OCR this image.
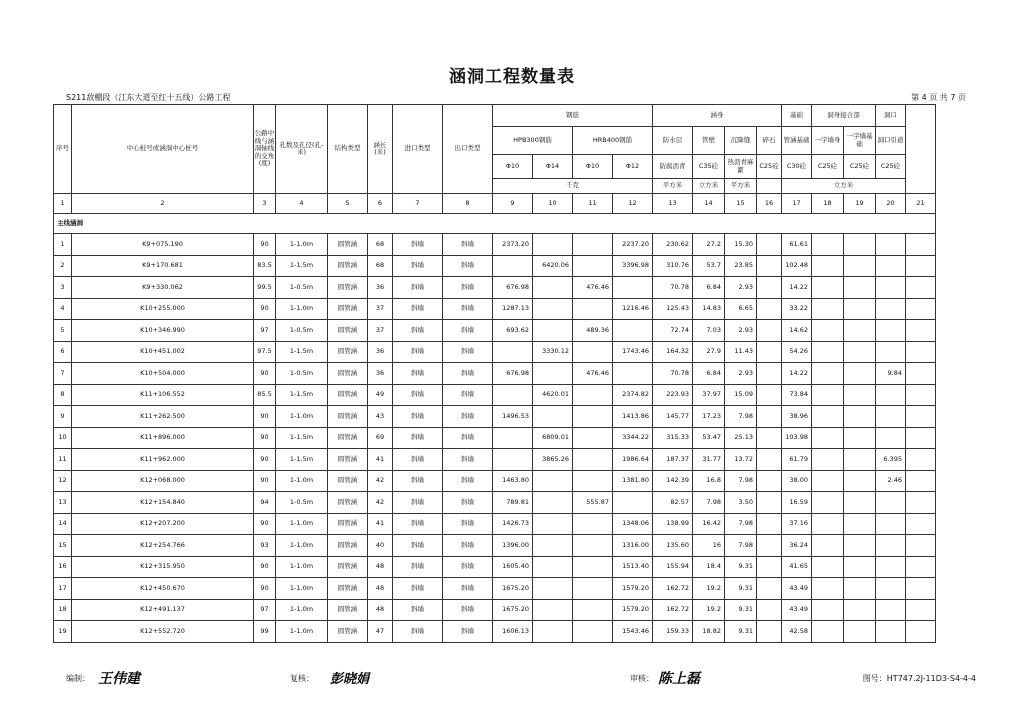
涵洞工程数量表
S211敌棚段（江东大道至红十五线）公路工程	第 4 页 共 7 页
序号	中心桩号或涵洞中心桩号	公路中线与涵洞轴线的交角(度)	孔数及孔径(孔-米)	结构类型	涵长(米)	进口类型	出口类型	钢筋				涵身				基础	洞身接合部		洞口	
								HPB300钢筋		HRB400钢筋		防水层	管壁	沉降缝	碎石	管涵基础	一字墙身	一字墙基础	洞口引道	
								Φ10	Φ14	Φ10	Φ12	防腐沥青	C35砼	热沥青麻絮	C25砼	C30砼	C25砼	C25砼	C25砼	
								千克				平方米	立方米	平方米		立方米				
1	2	3	4	5	6	7	8	9	10	11	12	13	14	15	16	17	18	19	20	21
主线涵洞																				
1	K9+075.190	90	1-1.0m	圆管涵	68	斜墙	斜墙	2373.20			2237.20	230.62	27.2	15.30		61.61				
2	K9+170.681	83.5	1-1.5m	圆管涵	68	斜墙	斜墙		6420.06		3396.98	310.76	53.7	23.85		102.48				
3	K9+330.062	99.5	1-0.5m	圆管涵	36	斜墙	斜墙	676.98		476.46		70.78	6.84	2.93		14.22				
4	K10+255.000	90	1-1.0m	圆管涵	37	斜墙	斜墙	1287.13			1216.46	125.43	14.83	6.65		33.22				
5	K10+346.990	97	1-0.5m	圆管涵	37	斜墙	斜墙	693.62		489.36		72.74	7.03	2.93		14.62				
6	K10+451.002	97.5	1-1.5m	圆管涵	36	斜墙	斜墙		3330.12		1743.46	164.32	27.9	11.43		54.26				
7	K10+504.000	90	1-0.5m	圆管涵	36	斜墙	斜墙	676.98		476.46		70.78	6.84	2.93		14.22			9.84	
8	K11+106.552	85.5	1-1.5m	圆管涵	49	斜墙	斜墙		4620.01		2374.82	223.93	37.97	15.09		73.84				
9	K11+262.500	90	1-1.0m	圆管涵	43	斜墙	斜墙	1496.53			1413.86	145.77	17.23	7.98		38.96				
10	K11+896.000	90	1-1.5m	圆管涵	69	斜墙	斜墙		6809.01		3344.22	315.33	53.47	25.13		103.98				
11	K11+962.000	90	1-1.5m	圆管涵	41	斜墙	斜墙		3865.26		1986.64	187.37	31.77	13.72		61.79			6.395	
12	K12+068.000	90	1-1.0m	圆管涵	42	斜墙	斜墙	1463.80			1381.80	142.39	16.8	7.98		38.00			2.46	
13	K12+154.840	94	1-0.5m	圆管涵	42	斜墙	斜墙	789.81		555.87		82.57	7.98	3.50		16.59				
14	K12+207.200	90	1-1.0m	圆管涵	41	斜墙	斜墙	1426.73			1348.06	138.99	16.42	7.98		37.16				
15	K12+254.766	93	1-1.0m	圆管涵	40	斜墙	斜墙	1396.00			1316.00	135.60	16	7.98		36.24				
16	K12+315.950	90	1-1.0m	圆管涵	48	斜墙	斜墙	1605.40			1513.40	155.94	18.4	9.31		41.65				
17	K12+450.670	90	1-1.0m	圆管涵	48	斜墙	斜墙	1675.20			1579.20	162.72	19.2	9.31		43.49				
18	K12+491.137	97	1-1.0m	圆管涵	48	斜墙	斜墙	1675.20			1579.20	162.72	19.2	9.31		43.49				
19	K12+552.720	99	1-1.0m	圆管涵	47	斜墙	斜墙	1606.13			1543.46	159.33	18.82	9.31		42.58				
编制： 王伟建	复核： 彭晓娟	审核： 陈上磊	图号：HT747.2J-11D3-S4-4-4
